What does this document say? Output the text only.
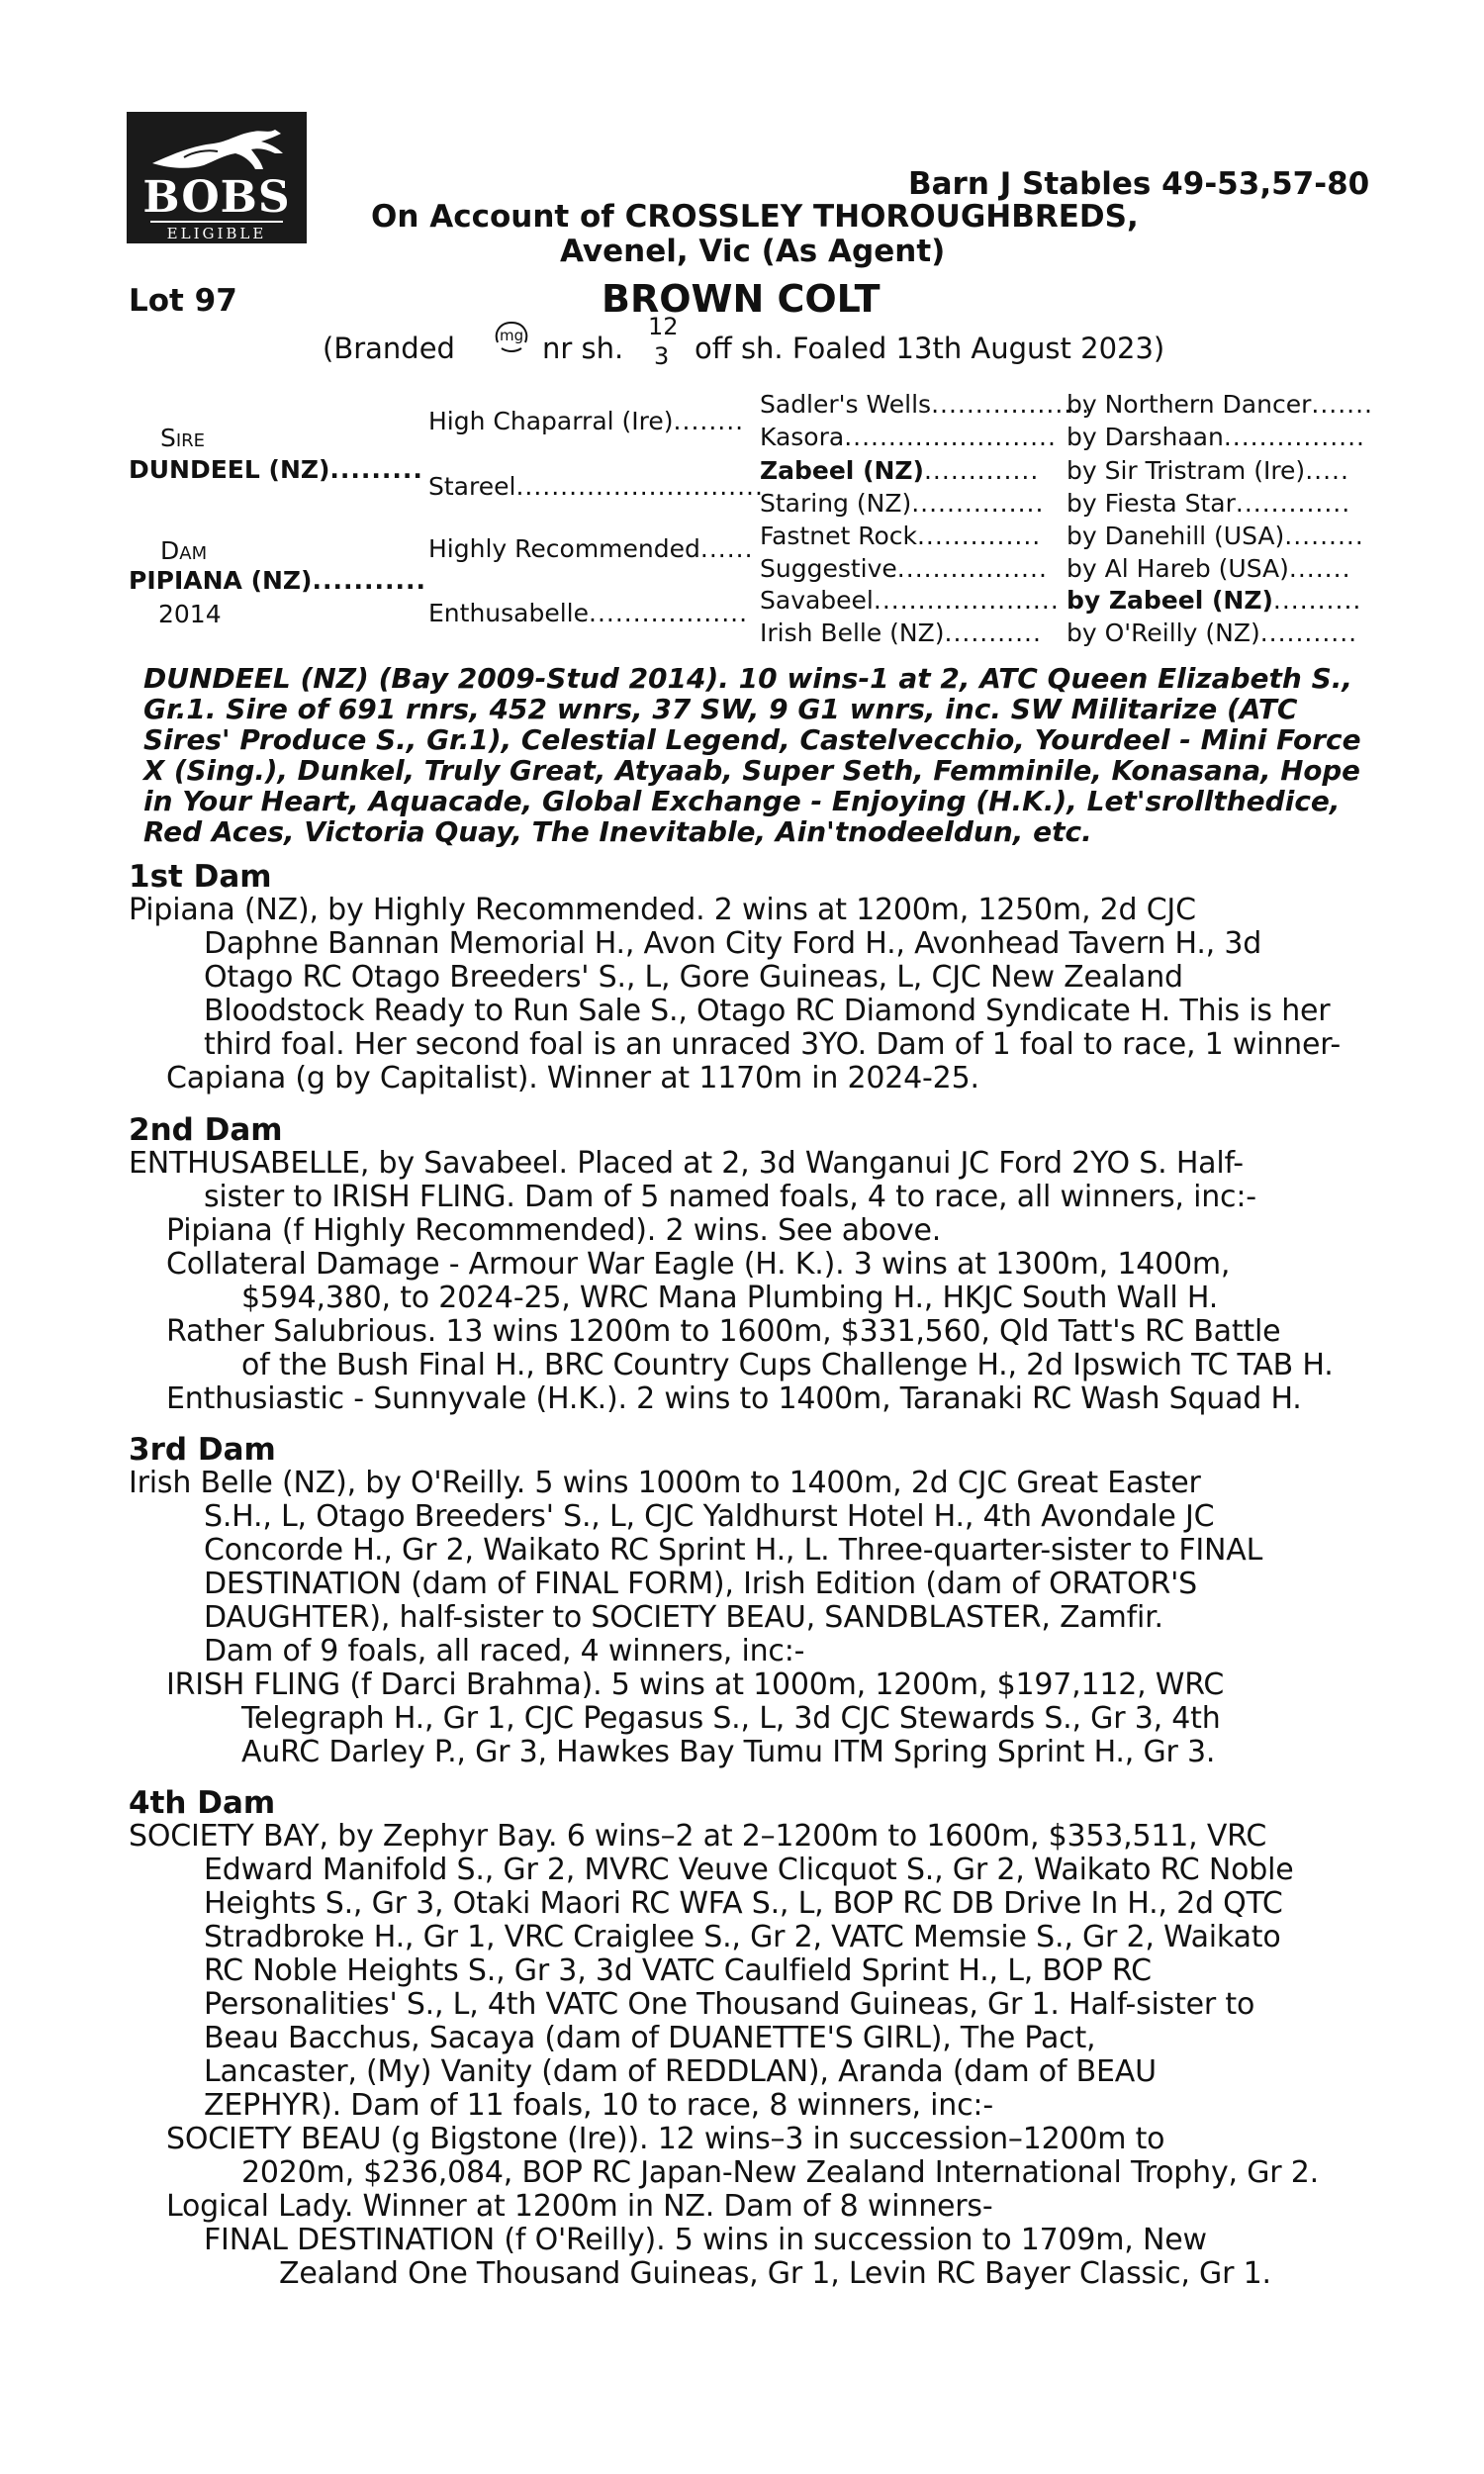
BOBS
ELIGIBLE
Barn J Stables 49-53,57-80
On Account of CROSSLEY THOROUGHBREDS,
Avenel, Vic (As Agent)
Lot 97	BROWN COLT
(Branded	mg nr sh.
12
3 off sh. Foaled 13th August 2023)
Sire
DUNDEEL (NZ).........
Dam
PIPIANA (NZ)...........
2014
High Chaparral (Ire)........
Stareel............................
Highly Recommended......
Enthusabelle..................
Sadler's Wells..................
Kasora........................
Zabeel (NZ).............
Staring (NZ)...............
Fastnet Rock..............
Suggestive.................
Savabeel.....................
Irish Belle (NZ)...........
by Northern Dancer.......
by Darshaan................
by Sir Tristram (Ire).....
by Fiesta Star.............
by Danehill (USA).........
by Al Hareb (USA).......
by Zabeel (NZ)..........
by O'Reilly (NZ)...........
DUNDEEL (NZ) (Bay 2009-Stud 2014). 10 wins-1 at 2, ATC Queen Elizabeth S.,
Gr.1. Sire of 691 rnrs, 452 wnrs, 37 SW, 9 G1 wnrs, inc. SW Militarize (ATC
Sires' Produce S., Gr.1), Celestial Legend, Castelvecchio, Yourdeel - Mini Force
X (Sing.), Dunkel, Truly Great, Atyaab, Super Seth, Femminile, Konasana, Hope
in Your Heart, Aquacade, Global Exchange - Enjoying (H.K.), Let'srollthedice,
Red Aces, Victoria Quay, The Inevitable, Ain'tnodeeldun, etc.
1st Dam
Pipiana (NZ), by Highly Recommended. 2 wins at 1200m, 1250m, 2d CJC
Daphne Bannan Memorial H., Avon City Ford H., Avonhead Tavern H., 3d
Otago RC Otago Breeders' S., L, Gore Guineas, L, CJC New Zealand
Bloodstock Ready to Run Sale S., Otago RC Diamond Syndicate H. This is her
third foal. Her second foal is an unraced 3YO. Dam of 1 foal to race, 1 winner-
Capiana (g by Capitalist). Winner at 1170m in 2024-25.
2nd Dam
ENTHUSABELLE, by Savabeel. Placed at 2, 3d Wanganui JC Ford 2YO S. Half-
sister to IRISH FLING. Dam of 5 named foals, 4 to race, all winners, inc:-
Pipiana (f Highly Recommended). 2 wins. See above.
Collateral Damage - Armour War Eagle (H. K.). 3 wins at 1300m, 1400m,
$594,380, to 2024-25, WRC Mana Plumbing H., HKJC South Wall H.
Rather Salubrious. 13 wins 1200m to 1600m, $331,560, Qld Tatt's RC Battle
of the Bush Final H., BRC Country Cups Challenge H., 2d Ipswich TC TAB H.
Enthusiastic - Sunnyvale (H.K.). 2 wins to 1400m, Taranaki RC Wash Squad H.
3rd Dam
Irish Belle (NZ), by O'Reilly. 5 wins 1000m to 1400m, 2d CJC Great Easter
S.H., L, Otago Breeders' S., L, CJC Yaldhurst Hotel H., 4th Avondale JC
Concorde H., Gr 2, Waikato RC Sprint H., L. Three-quarter-sister to FINAL
DESTINATION (dam of FINAL FORM), Irish Edition (dam of ORATOR'S
DAUGHTER), half-sister to SOCIETY BEAU, SANDBLASTER, Zamfir.
Dam of 9 foals, all raced, 4 winners, inc:-
IRISH FLING (f Darci Brahma). 5 wins at 1000m, 1200m, $197,112, WRC
Telegraph H., Gr 1, CJC Pegasus S., L, 3d CJC Stewards S., Gr 3, 4th
AuRC Darley P., Gr 3, Hawkes Bay Tumu ITM Spring Sprint H., Gr 3.
4th Dam
SOCIETY BAY, by Zephyr Bay. 6 wins–2 at 2–1200m to 1600m, $353,511, VRC
Edward Manifold S., Gr 2, MVRC Veuve Clicquot S., Gr 2, Waikato RC Noble
Heights S., Gr 3, Otaki Maori RC WFA S., L, BOP RC DB Drive In H., 2d QTC
Stradbroke H., Gr 1, VRC Craiglee S., Gr 2, VATC Memsie S., Gr 2, Waikato
RC Noble Heights S., Gr 3, 3d VATC Caulfield Sprint H., L, BOP RC
Personalities' S., L, 4th VATC One Thousand Guineas, Gr 1. Half-sister to
Beau Bacchus, Sacaya (dam of DUANETTE'S GIRL), The Pact,
Lancaster, (My) Vanity (dam of REDDLAN), Aranda (dam of BEAU
ZEPHYR). Dam of 11 foals, 10 to race, 8 winners, inc:-
SOCIETY BEAU (g Bigstone (Ire)). 12 wins–3 in succession–1200m to
2020m, $236,084, BOP RC Japan-New Zealand International Trophy, Gr 2.
Logical Lady. Winner at 1200m in NZ. Dam of 8 winners-
FINAL DESTINATION (f O'Reilly). 5 wins in succession to 1709m, New
Zealand One Thousand Guineas, Gr 1, Levin RC Bayer Classic, Gr 1.
